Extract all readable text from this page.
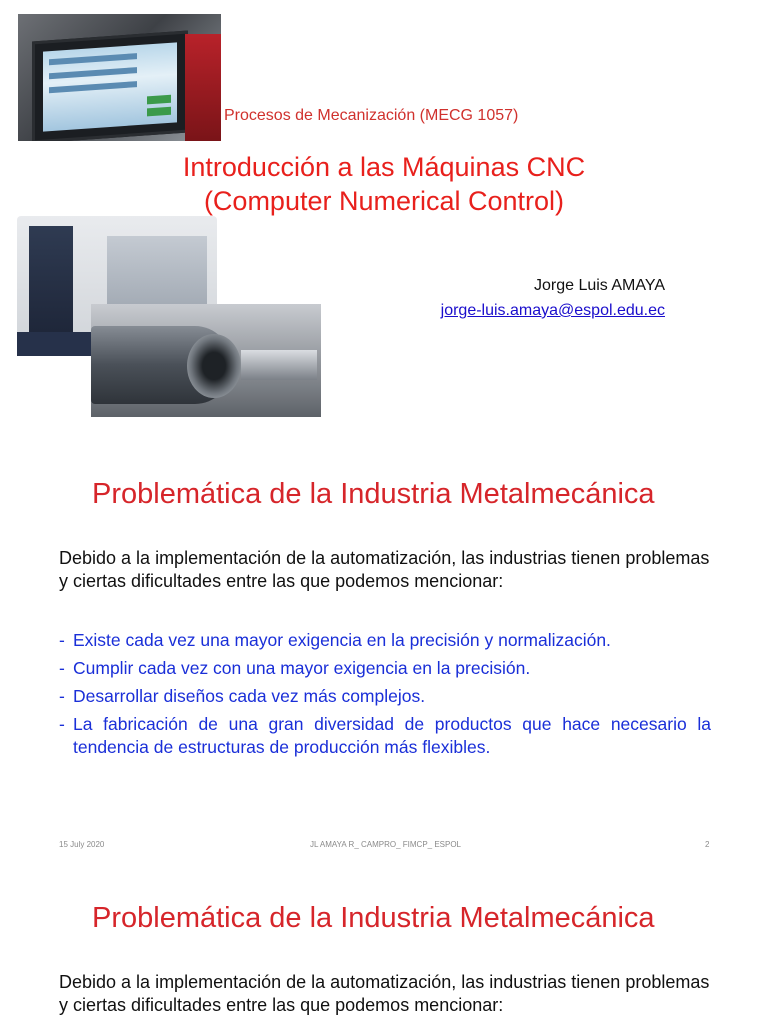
Procesos de Mecanización (MECG 1057)
Introducción a las Máquinas CNC
(Computer Numerical Control)
Jorge Luis AMAYA
jorge-luis.amaya@espol.edu.ec
Problemática de la Industria Metalmecánica
Debido a la implementación de la automatización, las industrias tienen problemas y ciertas dificultades entre las que podemos mencionar:
- Existe cada vez una mayor exigencia en la precisión y normalización.
- Cumplir cada vez con una mayor exigencia en la precisión.
- Desarrollar diseños cada vez más complejos.
- La fabricación de una gran diversidad de productos que hace necesario la tendencia de estructuras de producción más flexibles.
15 July 2020	JL AMAYA R_ CAMPRO_ FIMCP_ ESPOL	2
Problemática de la Industria Metalmecánica
Debido a la implementación de la automatización, las industrias tienen problemas y ciertas dificultades entre las que podemos mencionar:
